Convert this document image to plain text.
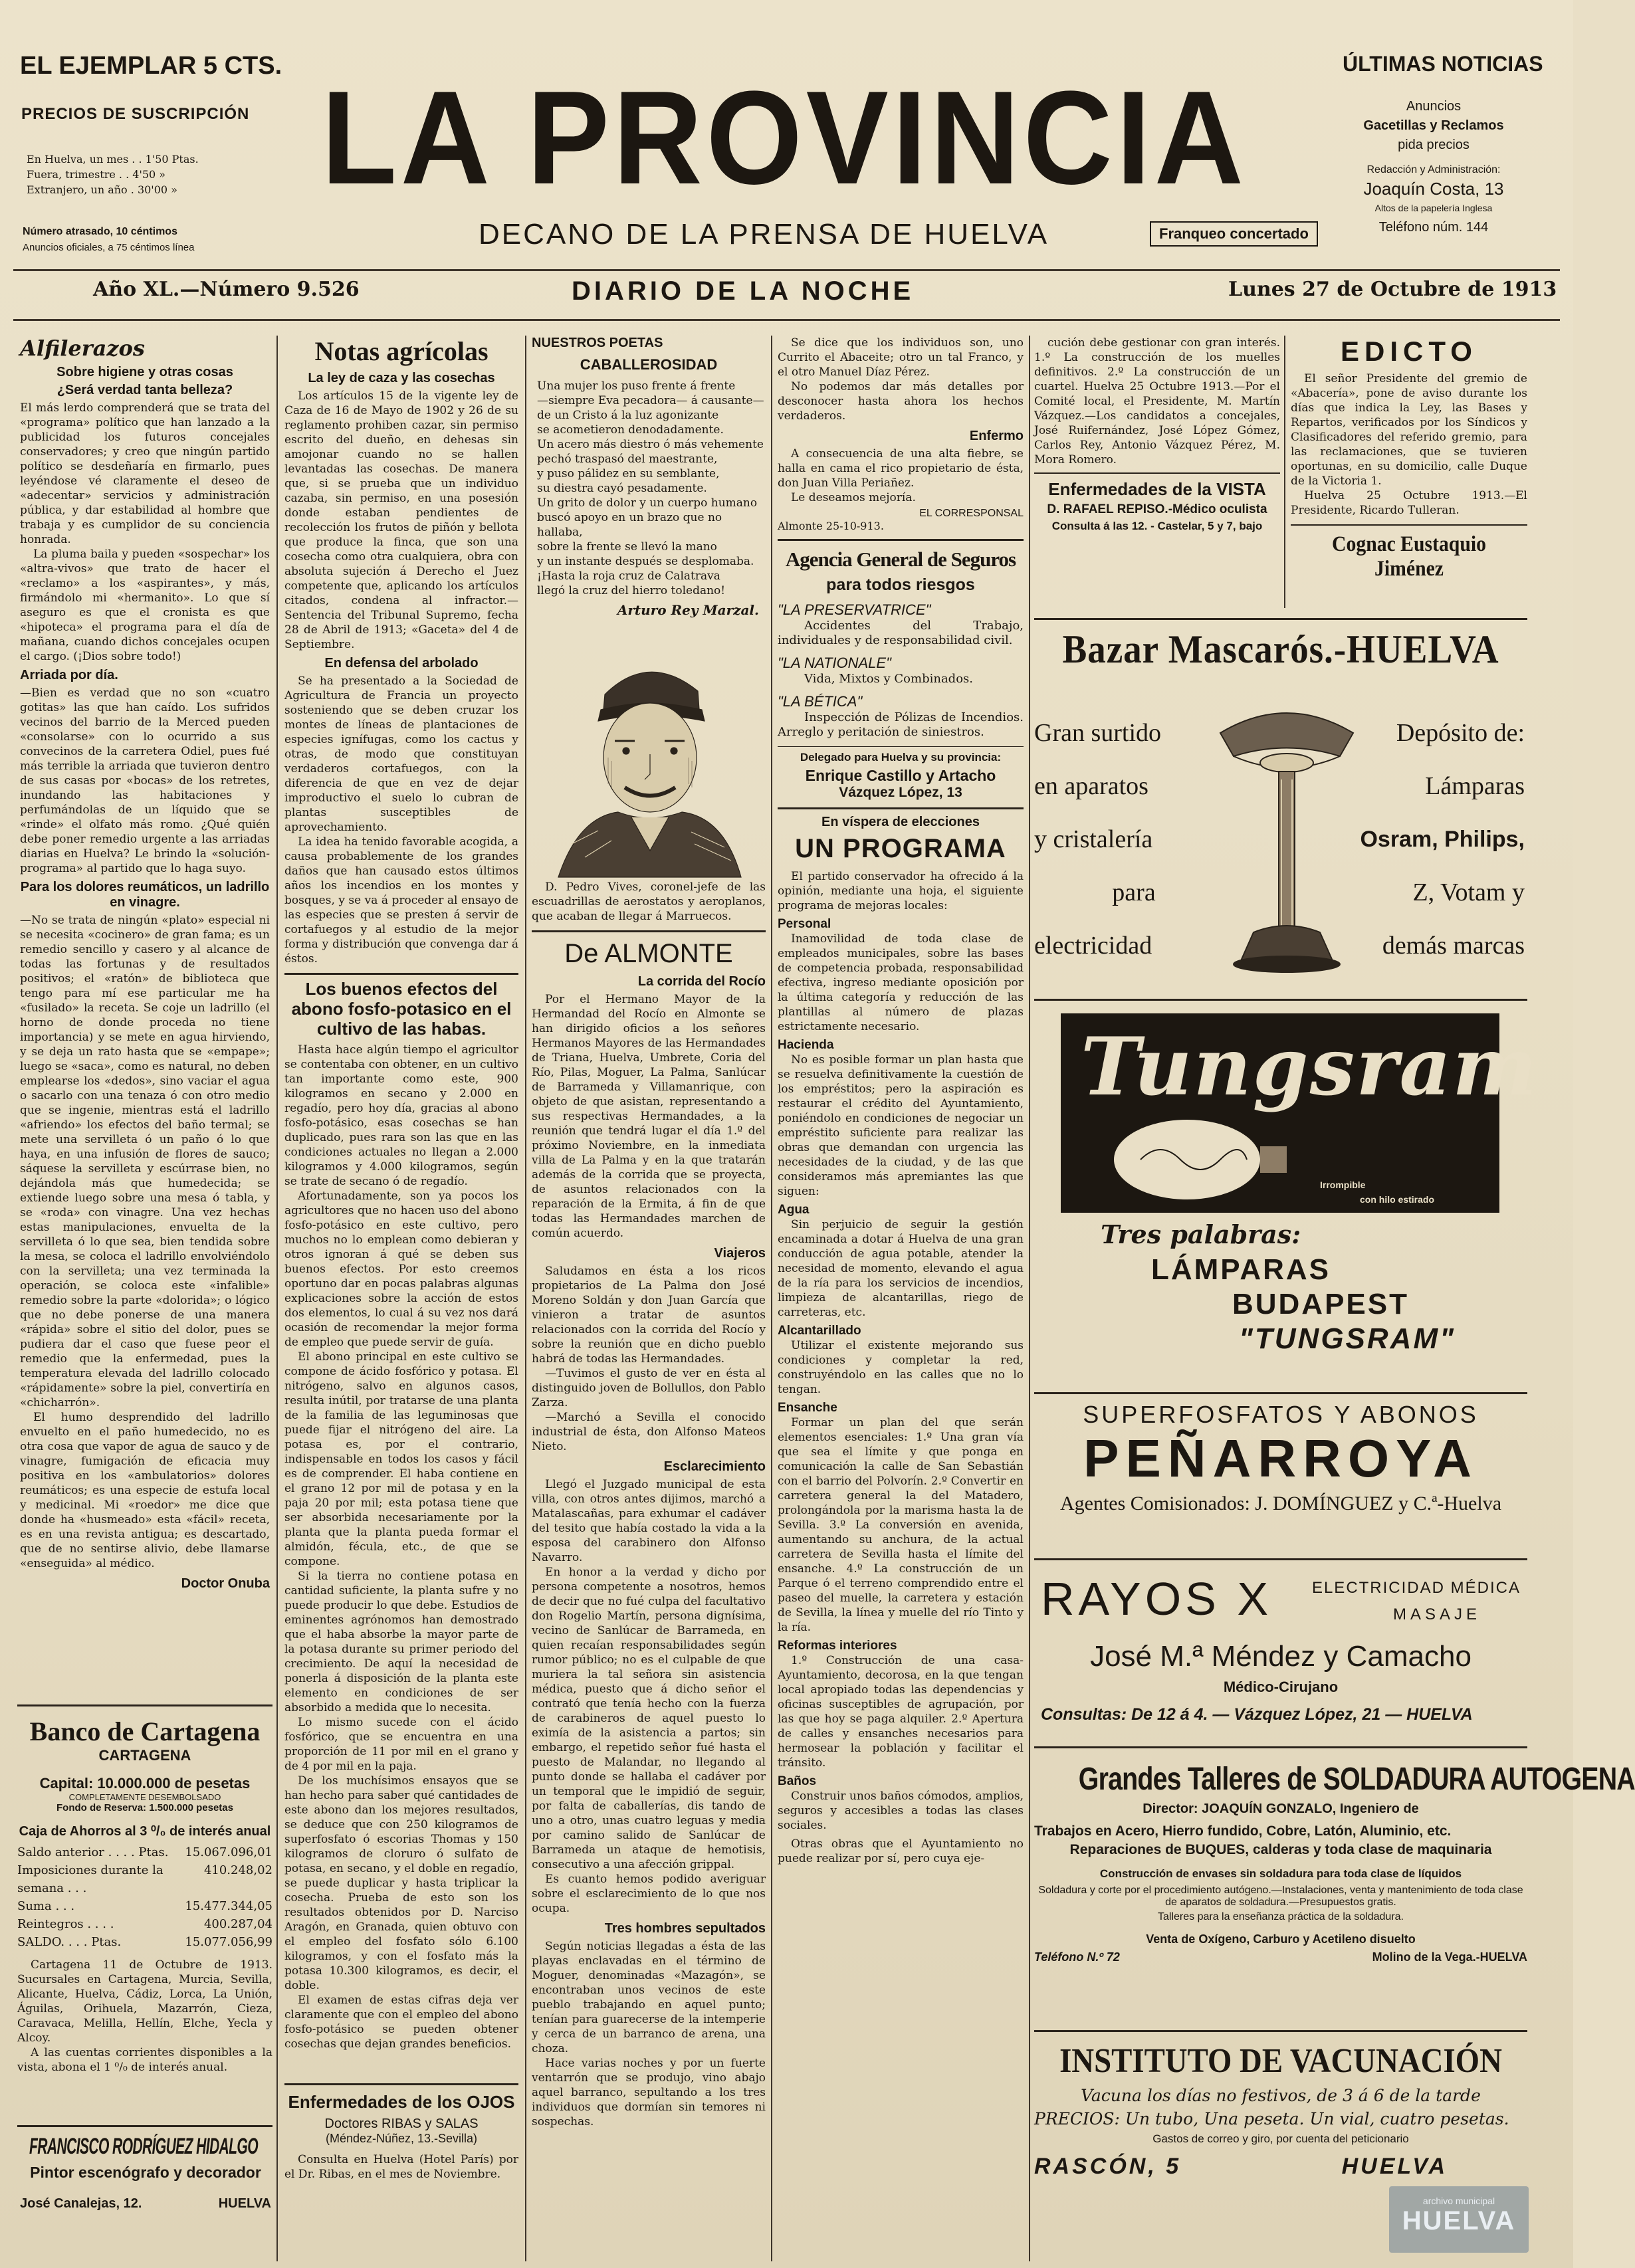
EL EJEMPLAR 5 CTS.
PRECIOS DE SUSCRIPCIÓN
En Huelva, un mes . . 1'50 Ptas.
Fuera, trimestre . . 4'50 »
Extranjero, un año . 30'00 »
Número atrasado, 10 céntimos
Anuncios oficiales, a 75 céntimos línea
LA PROVINCIA
DECANO DE LA PRENSA DE HUELVA	Franqueo concertado
ÚLTIMAS NOTICIAS
Anuncios
Gacetillas y Reclamos
pida precios
Redacción y Administración:
Joaquín Costa, 13
Altos de la papelería Inglesa
Teléfono núm. 144
Año XL.—Número 9.526	DIARIO DE LA NOCHE	Lunes 27 de Octubre de 1913
Alfilerazos
Sobre higiene y otras cosas
¿Será verdad tanta belleza?

El más lerdo comprenderá que se trata del «programa» político que han lanzado a la publicidad los futuros concejales conservadores; y creo que ningún partido político se desdeñaría en firmarlo, pues leyéndose vé claramente el deseo de «adecentar» servicios y administración pública, y dar estabilidad al hombre que trabaja y es cumplidor de su conciencia honrada.

La pluma baila y pueden «sospechar» los «altra-vivos» que trato de hacer el «reclamo» a los «aspirantes», y más, firmándolo mi «hermanito». Lo que sí aseguro es que el cronista es que «hipoteca» el programa para el día de mañana, cuando dichos concejales ocupen el cargo. (¡Dios sobre todo!)

Arriada por día.

—Bien es verdad que no son «cuatro gotitas» las que han caído. Los sufridos vecinos del barrio de la Merced pueden «consolarse» con lo ocurrido a sus convecinos de la carretera Odiel, pues fué más terrible la arriada que tuvieron dentro de sus casas por «bocas» de los retretes, inundando las habitaciones y perfumándolas de un líquido que se «rinde» el olfato más romo. ¿Qué quién debe poner remedio urgente a las arriadas diarias en Huelva? Le brindo la «solución-programa» al partido que lo haga suyo.

Para los dolores reumáticos, un ladrillo en vinagre.

—No se trata de ningún «plato» especial ni se necesita «cocinero» de gran fama; es un remedio sencillo y casero y al alcance de todas las fortunas y de resultados positivos; el «ratón» de biblioteca que tengo para mí ese particular me ha «fusilado» la receta. Se coje un ladrillo (el horno de donde proceda no tiene importancia) y se mete en agua hirviendo, y se deja un rato hasta que se «empape»; luego se «saca», como es natural, no deben emplearse los «dedos», sino vaciar el agua o sacarlo con una tenaza ó con otro medio que se ingenie, mientras está el ladrillo «afriendo» los efectos del baño termal; se mete una servilleta ó un paño ó lo que haya, en una infusión de flores de sauco; sáquese la servilleta y escúrrase bien, no dejándola más que humedecida; se extiende luego sobre una mesa ó tabla, y se «roda» con vinagre. Una vez hechas estas manipulaciones, envuelta de la servilleta ó lo que sea, bien tendida sobre la mesa, se coloca el ladrillo envolviéndolo con la servilleta; una vez terminada la operación, se coloca este «infalible» remedio sobre la parte «dolorida»; o lógico que no debe ponerse de una manera «rápida» sobre el sitio del dolor, pues se pudiera dar el caso que fuese peor el remedio que la enfermedad, pues la temperatura elevada del ladrillo colocado «rápidamente» sobre la piel, convertiría en «chicharrón».

El humo desprendido del ladrillo envuelto en el paño humedecido, no es otra cosa que vapor de agua de sauco y de vinagre, fumigación de eficacia muy positiva en los «ambulatorios» dolores reumáticos; es una especie de estufa local y medicinal. Mi «roedor» me dice que donde ha «husmeado» esta «fácil» receta, es en una revista antigua; es descartado, que de no sentirse alivio, debe llamarse «enseguida» al médico.

Doctor Onuba
Banco de Cartagena
CARTAGENA
Capital: 10.000.000 de pesetas
COMPLETAMENTE DESEMBOLSADO
Fondo de Reserva: 1.500.000 pesetas
Caja de Ahorros al 3 ⁰/₀ de interés anual
Saldo anterior . . . . Ptas. 15.067.096,01
Imposiciones durante la semana . . .
410.248,02
Suma . . .	15.477.344,05
Reintegros . . . .	400.287,04
SALDO. . . . Ptas.	15.077.056,99

Cartagena 11 de Octubre de 1913. Sucursales en Cartagena, Murcia, Sevilla, Alicante, Huelva, Cádiz, Lorca, La Unión, Águilas, Orihuela, Mazarrón, Cieza, Caravaca, Melilla, Hellín, Elche, Yecla y Alcoy.

A las cuentas corrientes disponibles a la vista, abona el 1 ⁰/₀ de interés anual.

FRANCISCO RODRÍGUEZ HIDALGO
Pintor escenógrafo y decorador
José Canalejas, 12.	HUELVA
Notas agrícolas
La ley de caza y las cosechas

Los artículos 15 de la vigente ley de Caza de 16 de Mayo de 1902 y 26 de su reglamento prohiben cazar, sin permiso escrito del dueño, en dehesas sin amojonar cuando no se hallen levantadas las cosechas. De manera que, si se prueba que un individuo cazaba, sin permiso, en una posesión donde estaban pendientes de recolección los frutos de piñón y bellota que produce la finca, que son una cosecha como otra cualquiera, obra con absoluta sujeción á Derecho el Juez competente que, aplicando los artículos citados, condena al infractor.—Sentencia del Tribunal Supremo, fecha 28 de Abril de 1913; «Gaceta» del 4 de Septiembre.

En defensa del arbolado

Se ha presentado a la Sociedad de Agricultura de Francia un proyecto sosteniendo que se deben cruzar los montes de líneas de plantaciones de especies ignífugas, como los cactus y otras, de modo que constituyan verdaderos cortafuegos, con la diferencia de que en vez de dejar improductivo el suelo lo cubran de plantas susceptibles de aprovechamiento.

La idea ha tenido favorable acogida, a causa probablemente de los grandes daños que han causado estos últimos años los incendios en los montes y bosques, y se va á proceder al ensayo de las especies que se presten á servir de cortafuegos y al estudio de la mejor forma y distribución que convenga dar á éstos.

Los buenos efectos del abono fosfo-potasico en el cultivo de las habas.

Hasta hace algún tiempo el agricultor se contentaba con obtener, en un cultivo tan importante como este, 900 kilogramos en secano y 2.000 en regadío, pero hoy día, gracias al abono fosfo-potásico, esas cosechas se han duplicado, pues rara son las que en las condiciones actuales no llegan a 2.000 kilogramos y 4.000 kilogramos, según se trate de secano ó de regadío.

Afortunadamente, son ya pocos los agricultores que no hacen uso del abono fosfo-potásico en este cultivo, pero muchos no lo emplean como debieran y otros ignoran á qué se deben sus buenos efectos. Por esto creemos oportuno dar en pocas palabras algunas explicaciones sobre la acción de estos dos elementos, lo cual á su vez nos dará ocasión de recomendar la mejor forma de empleo que puede servir de guía.

El abono principal en este cultivo se compone de ácido fosfórico y potasa. El nitrógeno, salvo en algunos casos, resulta inútil, por tratarse de una planta de la familia de las leguminosas que puede fijar el nitrógeno del aire. La potasa es, por el contrario, indispensable en todos los casos y fácil es de comprender. El haba contiene en el grano 12 por mil de potasa y en la paja 20 por mil; esta potasa tiene que ser absorbida necesariamente por la planta que la planta pueda formar el almidón, fécula, etc., de que se compone.

Si la tierra no contiene potasa en cantidad suficiente, la planta sufre y no puede producir lo que debe. Estudios de eminentes agrónomos han demostrado que el haba absorbe la mayor parte de la potasa durante su primer periodo del crecimiento. De aquí la necesidad de ponerla á disposición de la planta este elemento en condiciones de ser absorbido a medida que lo necesita.

Lo mismo sucede con el ácido fosfórico, que se encuentra en una proporción de 11 por mil en el grano y de 4 por mil en la paja.

De los muchísimos ensayos que se han hecho para saber qué cantidades de este abono dan los mejores resultados, se deduce que con 250 kilogramos de superfosfato ó escorias Thomas y 150 kilogramos de cloruro ó sulfato de potasa, en secano, y el doble en regadío, se puede duplicar y hasta triplicar la cosecha. Prueba de esto son los resultados obtenidos por D. Narciso Aragón, en Granada, quien obtuvo con el empleo del fosfato sólo 6.100 kilogramos, y con el fosfato más la potasa 10.300 kilogramos, es decir, el doble.

El examen de estas cifras deja ver claramente que con el empleo del abono fosfo-potásico se pueden obtener cosechas que dejan grandes beneficios.

Enfermedades de los OJOS
Doctores RIBAS y SALAS
(Méndez-Núñez, 13.-Sevilla)

Consulta en Huelva (Hotel París) por el Dr. Ribas, en el mes de Noviembre.

NUESTROS POETAS
CABALLEROSIDAD
Una mujer los puso frente á frente
—siempre Eva pecadora— á causante—
de un Cristo á la luz agonizante
se acometieron denodadamente.
Un acero más diestro ó más vehemente
pechó traspasó del maestrante,
y puso pálidez en su semblante,
su diestra cayó pesadamente.
Un grito de dolor y un cuerpo humano
buscó apoyo en un brazo que no hallaba,
sobre la frente se llevó la mano
y un instante después se desplomaba.
¡Hasta la roja cruz de Calatrava
llegó la cruz del hierro toledano!
Arturo Rey Marzal.

D. Pedro Vives, coronel-jefe de las escuadrillas de aerostatos y aeroplanos, que acaban de llegar á Marruecos.

De ALMONTE
La corrida del Rocío

Por el Hermano Mayor de la Hermandad del Rocío en Almonte se han dirigido oficios a los señores Hermanos Mayores de las Hermandades de Triana, Huelva, Umbrete, Coria del Río, Pilas, Moguer, La Palma, Sanlúcar de Barrameda y Villamanrique, con objeto de que asistan, representando a sus respectivas Hermandades, a la reunión que tendrá lugar el día 1.º del próximo Noviembre, en la inmediata villa de La Palma y en la que tratarán además de la corrida que se proyecta, de asuntos relacionados con la reparación de la Ermita, á fin de que todas las Hermandades marchen de común acuerdo.

Viajeros

Saludamos en ésta a los ricos propietarios de La Palma don José Moreno Soldán y don Juan García que vinieron a tratar de asuntos relacionados con la corrida del Rocío y sobre la reunión que en dicho pueblo habrá de todas las Hermandades.

—Tuvimos el gusto de ver en ésta al distinguido joven de Bollullos, don Pablo Zarza.

—Marchó a Sevilla el conocido industrial de ésta, don Alfonso Mateos Nieto.

Esclarecimiento

Llegó el Juzgado municipal de esta villa, con otros antes dijimos, marchó a Matalascañas, para exhumar el cadáver del tesito que había costado la vida a la esposa del carabinero don Alfonso Navarro.

En honor a la verdad y dicho por persona competente a nosotros, hemos de decir que no fué culpa del facultativo don Rogelio Martín, persona dignísima, vecino de Sanlúcar de Barrameda, en quien recaían responsabilidades según rumor público; no es el culpable de que muriera la tal señora sin asistencia médica, puesto que á dicho señor el contrató que tenía hecho con la fuerza de carabineros de aquel puesto lo eximía de la asistencia a partos; sin embargo, el repetido señor fué hasta el puesto de Malandar, no llegando al punto donde se hallaba el cadáver por un temporal que le impidió de seguir, por falta de caballerías, dis tando de uno a otro, unas cuatro leguas y media por camino salido de Sanlúcar de Barrameda un ataque de hemotisis, consecutivo a una afección grippal.

Es cuanto hemos podido averiguar sobre el esclarecimiento de lo que nos ocupa.

Tres hombres sepultados

Según noticias llegadas a ésta de las playas enclavadas en el término de Moguer, denominadas «Mazagón», se encontraban unos vecinos de este pueblo trabajando en aquel punto; tenían para guarecerse de la intemperie y cerca de un barranco de arena, una choza.

Hace varias noches y por un fuerte ventarrón que se produjo, vino abajo aquel barranco, sepultando a los tres individuos que dormían sin temores ni sospechas.

Se dice que los individuos son, uno Currito el Abaceite; otro un tal Franco, y el otro Manuel Díaz Pérez.

No podemos dar más detalles por desconocer hasta ahora los hechos verdaderos.

Enfermo

A consecuencia de una alta fiebre, se halla en cama el rico propietario de ésta, don Juan Villa Periañez.

Le deseamos mejoría.

EL CORRESPONSAL
Almonte 25-10-913.
Agencia General de Seguros
para todos riesgos
"LA PRESERVATRICE"
Accidentes del Trabajo, individuales y de responsabilidad civil.
"LA NATIONALE"
Vida, Mixtos y Combinados.
"LA BÉTICA"
Inspección de Pólizas de Incendios. Arreglo y peritación de siniestros.
Delegado para Huelva y su provincia:
Enrique Castillo y Artacho
Vázquez López, 13
En víspera de elecciones
UN PROGRAMA

El partido conservador ha ofrecido á la opinión, mediante una hoja, el siguiente programa de mejoras locales:

Personal

Inamovilidad de toda clase de empleados municipales, sobre las bases de competencia probada, responsabilidad efectiva, ingreso mediante oposición por la última categoría y reducción de las plantillas al número de plazas estrictamente necesario.

Hacienda

No es posible formar un plan hasta que se resuelva definitivamente la cuestión de los empréstitos; pero la aspiración es restaurar el crédito del Ayuntamiento, poniéndolo en condiciones de negociar un empréstito suficiente para realizar las obras que demandan con urgencia las necesidades de la ciudad, y de las que consideramos más apremiantes las que siguen:

Agua

Sin perjuicio de seguir la gestión encaminada a dotar á Huelva de una gran conducción de agua potable, atender la necesidad de momento, elevando el agua de la ría para los servicios de incendios, limpieza de alcantarillas, riego de carreteras, etc.

Alcantarillado

Utilizar el existente mejorando sus condiciones y completar la red, construyéndolo en las calles que no lo tengan.

Ensanche

Formar un plan del que serán elementos esenciales: 1.º Una gran vía que sea el límite y que ponga en comunicación la calle de San Sebastián con el barrio del Polvorín. 2.º Convertir en carretera general la del Matadero, prolongándola por la marisma hasta la de Sevilla. 3.º La conversión en avenida, aumentando su anchura, de la actual carretera de Sevilla hasta el límite del ensanche. 4.º La construcción de un Parque ó el terreno comprendido entre el paseo del muelle, la carretera y estación de Sevilla, la línea y muelle del río Tinto y la ría.

Reformas interiores

1.º Construcción de una casa-Ayuntamiento, decorosa, en la que tengan local apropiado todas las dependencias y oficinas susceptibles de agrupación, por las que hoy se paga alquiler. 2.º Apertura de calles y ensanches necesarios para hermosear la población y facilitar el tránsito.

Baños

Construir unos baños cómodos, amplios, seguros y accesibles a todas las clases sociales.

Otras obras que el Ayuntamiento no puede realizar por sí, pero cuya eje-

cución debe gestionar con gran interés. 1.º La construcción de los muelles definitivos. 2.º La construcción de un cuartel. Huelva 25 Octubre 1913.—Por el Comité local, el Presidente, M. Martín Vázquez.—Los candidatos a concejales, José Ruifernández, José López Gómez, Carlos Rey, Antonio Vázquez Pérez, M. Mora Romero.

Enfermedades de la VISTA
D. RAFAEL REPISO.-Médico oculista
Consulta á las 12. - Castelar, 5 y 7, bajo
EDICTO

El señor Presidente del gremio de «Abacería», pone de aviso durante los días que indica la Ley, las Bases y Repartos, verificados por los Síndicos y Clasificadores del referido gremio, para las reclamaciones, que se tuvieren oportunas, en su domicilio, calle Duque de la Victoria 1.

Huelva 25 Octubre 1913.—El Presidente, Ricardo Tulleran.

Cognac Eustaquio Jiménez
Bazar Mascarós.-HUELVA
Gran surtido
en aparatos
y cristalería
para
electricidad
Depósito de:
Lámparas
Osram, Philips,
Z, Votam y
demás marcas
Tungsram
Irrompible
con hilo estirado
Tres palabras:
LÁMPARAS
BUDAPEST
"TUNGSRAM"
SUPERFOSFATOS Y ABONOS
PEÑARROYA
Agentes Comisionados: J. DOMÍNGUEZ y C.ª-Huelva
RAYOS X ELECTRICIDAD MÉDICA
MASAJE
José M.ª Méndez y Camacho
Médico-Cirujano
Consultas: De 12 á 4. — Vázquez López, 21 — HUELVA
Grandes Talleres de SOLDADURA AUTOGENA
Director: JOAQUÍN GONZALO, Ingeniero de
Trabajos en Acero, Hierro fundido, Cobre, Latón, Aluminio, etc.
Reparaciones de BUQUES, calderas y toda clase de maquinaria
Construcción de envases sin soldadura para toda clase de líquidos
Soldadura y corte por el procedimiento autógeno.—Instalaciones, venta y mantenimiento de toda clase de aparatos de soldadura.—Presupuestos gratis.
Talleres para la enseñanza práctica de la soldadura.
Venta de Oxígeno, Carburo y Acetileno disuelto
Teléfono N.º 72	Molino de la Vega.-HUELVA
INSTITUTO DE VACUNACIÓN
Vacuna los días no festivos, de 3 á 6 de la tarde
PRECIOS: Un tubo, Una peseta. Un vial, cuatro pesetas.
Gastos de correo y giro, por cuenta del peticionario
RASCÓN, 5	HUELVA
archivo municipal
HUELVA
